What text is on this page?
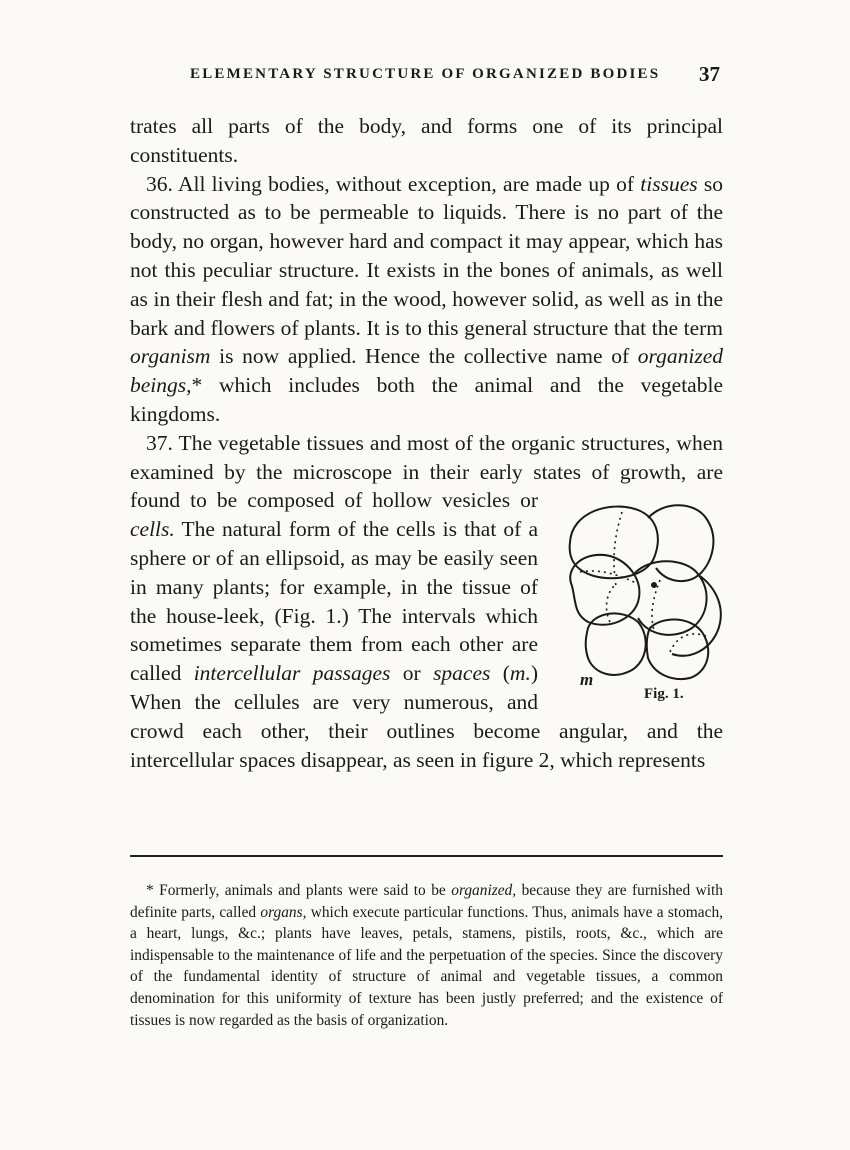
ELEMENTARY STRUCTURE OF ORGANIZED BODIES 37

trates all parts of the body, and forms one of its principal constituents.

36. All living bodies, without exception, are made up of tissues so constructed as to be permeable to liquids. There is no part of the body, no organ, however hard and compact it may appear, which has not this peculiar structure. It exists in the bones of animals, as well as in their flesh and fat; in the wood, however solid, as well as in the bark and flowers of plants. It is to this general structure that the term organism is now applied. Hence the collective name of organized beings,* which includes both the animal and the vegetable kingdoms.

37. The vegetable tissues and most of the organic structures, when examined by the microscope in their early states of growth, are found to be composed of hollow vesicles or
m
Fig. 1.
cells. The natural form of the cells is that of a sphere or of an ellipsoid, as may be easily seen in many plants; for example, in the tissue of the house-leek, (Fig. 1.) The intervals which sometimes separate them from each other are called intercellular passages or spaces (m.) When the cellules are very numerous, and crowd each other, their outlines become angular, and the intercellular spaces disappear, as seen in figure 2, which represents

* Formerly, animals and plants were said to be organized, because they are furnished with definite parts, called organs, which execute particular functions. Thus, animals have a stomach, a heart, lungs, &c.; plants have leaves, petals, stamens, pistils, roots, &c., which are indispensable to the maintenance of life and the perpetuation of the species. Since the discovery of the fundamental identity of structure of animal and vegetable tissues, a common denomination for this uniformity of texture has been justly preferred; and the existence of tissues is now regarded as the basis of organization.
